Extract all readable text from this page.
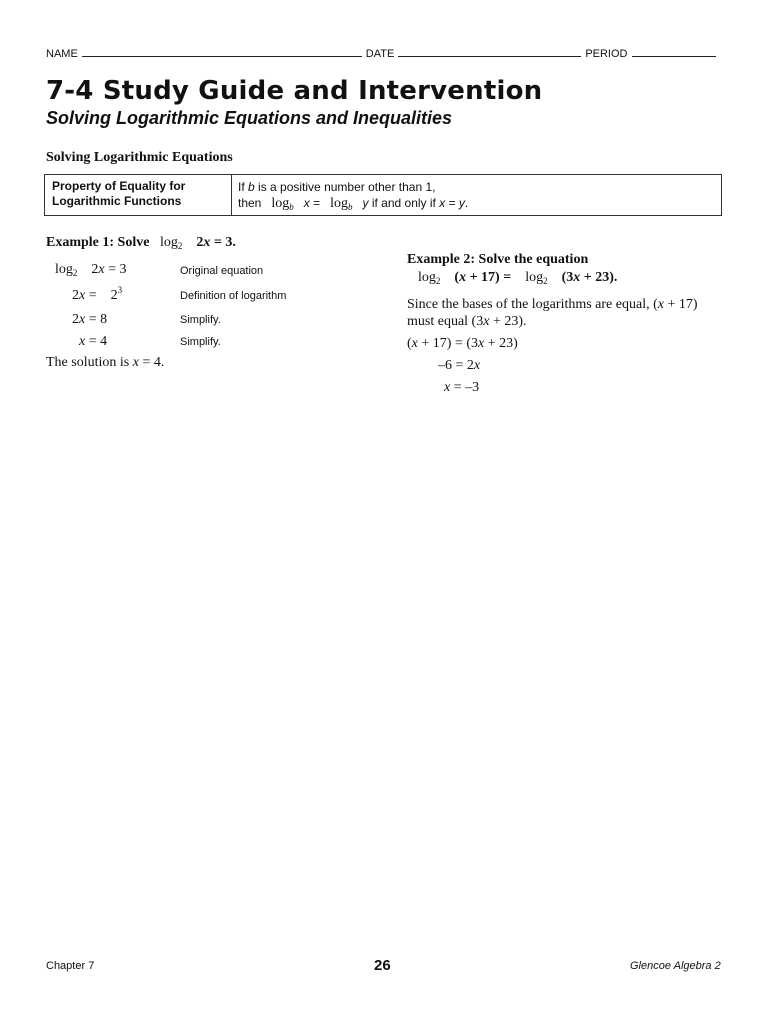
NAME	DATE	PERIOD
7-4 Study Guide and Intervention
Solving Logarithmic Equations and Inequalities
Solving Logarithmic Equations
Property of Equality for
Logarithmic Functions
If b is a positive number other than 1,
then   $\log_b x = \log_b y$ if and only if x = y.
Example 1: Solve   $\log_2$    2x = 3.
$\log_2$    2x = 3	Original equation
2x =    $2^3$	Definition of logarithm
2x = 8	Simplify.
x = 4	Simplify.
The solution is x = 4.
Example 2: Solve the equation
$\log_2 (x + 17)$ =    $\log_2 (3x + 23)$.
Since the bases of the logarithms are equal, (x + 17)
must equal (3x + 23).
(x + 17) = (3x + 23)
–6 = 2x
x = –3
Chapter 7	26	Glencoe Algebra 2
